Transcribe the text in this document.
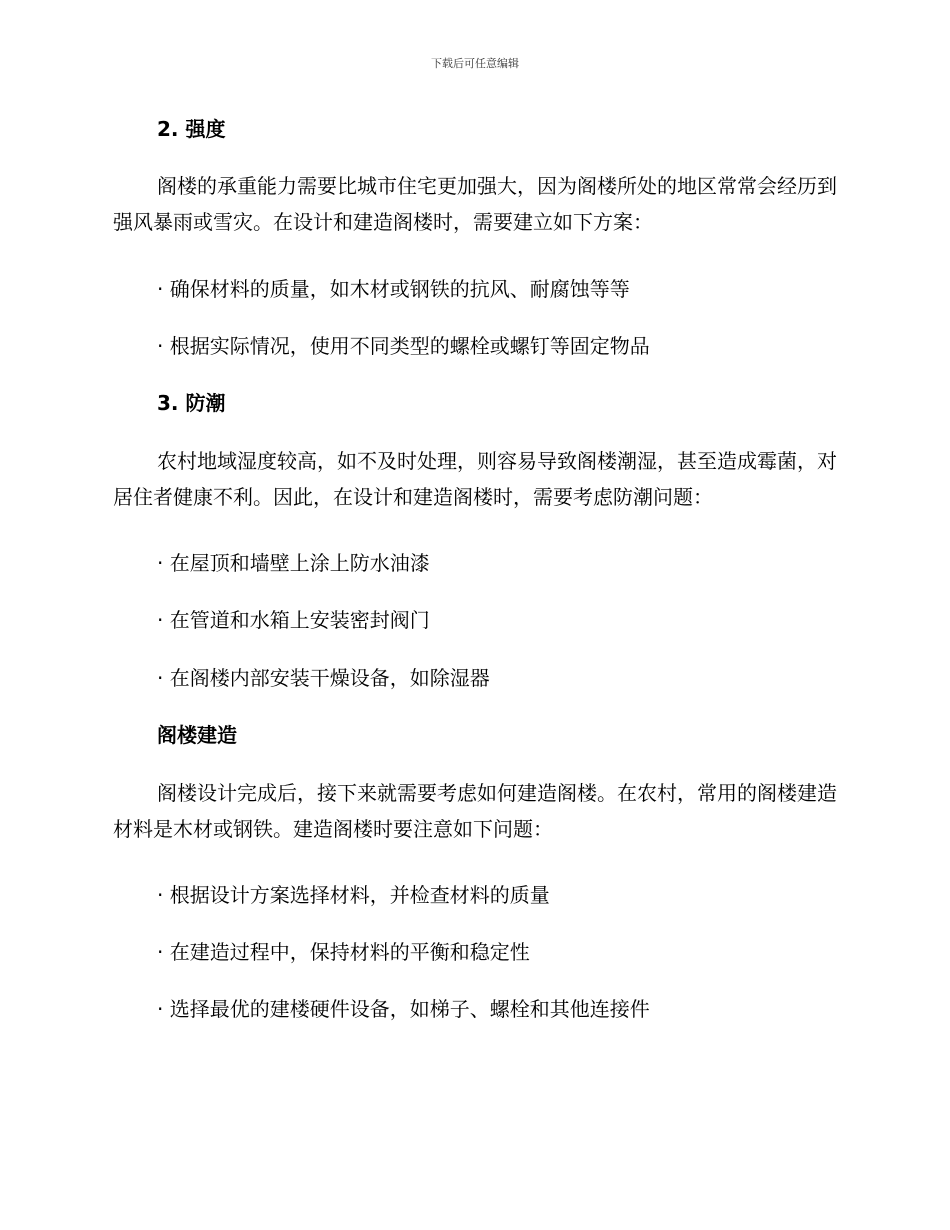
下载后可任意编辑
2. 强度
阁楼的承重能力需要比城市住宅更加强大，因为阁楼所处的地区常常会经历到强风暴雨或雪灾。在设计和建造阁楼时，需要建立如下方案：
· 确保材料的质量，如木材或钢铁的抗风、耐腐蚀等等
· 根据实际情况，使用不同类型的螺栓或螺钉等固定物品
3. 防潮
农村地域湿度较高，如不及时处理，则容易导致阁楼潮湿，甚至造成霉菌，对居住者健康不利。因此，在设计和建造阁楼时，需要考虑防潮问题：
· 在屋顶和墙壁上涂上防水油漆
· 在管道和水箱上安装密封阀门
· 在阁楼内部安装干燥设备，如除湿器
阁楼建造
阁楼设计完成后，接下来就需要考虑如何建造阁楼。在农村，常用的阁楼建造材料是木材或钢铁。建造阁楼时要注意如下问题：
· 根据设计方案选择材料，并检查材料的质量
· 在建造过程中，保持材料的平衡和稳定性
· 选择最优的建楼硬件设备，如梯子、螺栓和其他连接件
